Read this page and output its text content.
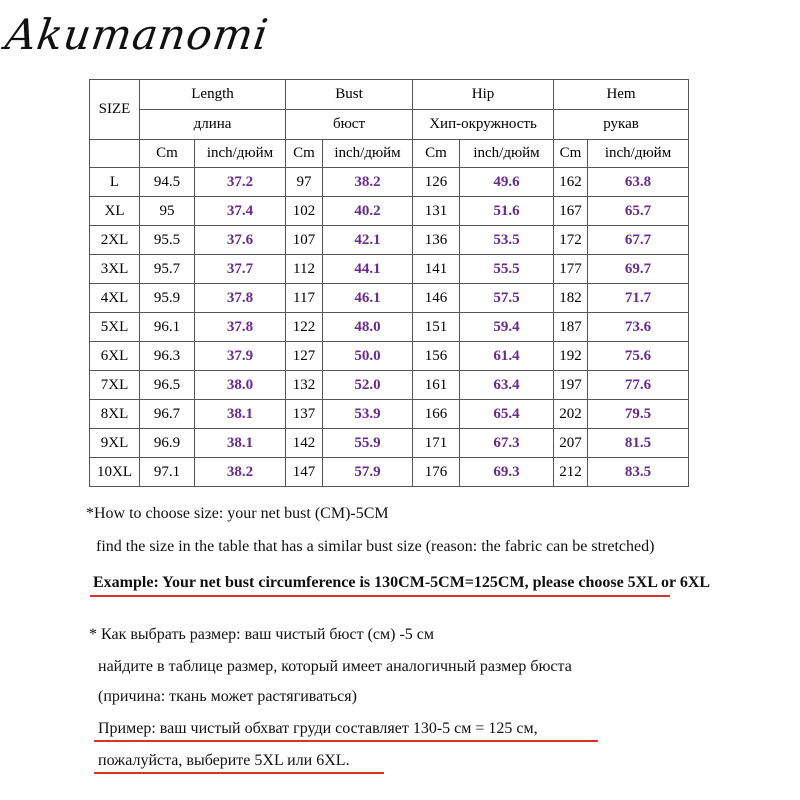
Akumanomi
SIZE	Length		Bust		Hip		Hem	
	длина		бюст		Хип-окружность		рукав	
	Cm	inch/дюйм	Cm	inch/дюйм	Cm	inch/дюйм	Cm	inch/дюйм
L	94.5	37.2	97	38.2	126	49.6	162	63.8
XL	95	37.4	102	40.2	131	51.6	167	65.7
2XL	95.5	37.6	107	42.1	136	53.5	172	67.7
3XL	95.7	37.7	112	44.1	141	55.5	177	69.7
4XL	95.9	37.8	117	46.1	146	57.5	182	71.7
5XL	96.1	37.8	122	48.0	151	59.4	187	73.6
6XL	96.3	37.9	127	50.0	156	61.4	192	75.6
7XL	96.5	38.0	132	52.0	161	63.4	197	77.6
8XL	96.7	38.1	137	53.9	166	65.4	202	79.5
9XL	96.9	38.1	142	55.9	171	67.3	207	81.5
10XL	97.1	38.2	147	57.9	176	69.3	212	83.5
*How to choose size: your net bust (CM)-5CM
find the size in the table that has a similar bust size (reason: the fabric can be stretched)
Example: Your net bust circumference is 130CM-5CM=125CM, please choose 5XL or 6XL
* Как выбрать размер: ваш чистый бюст (см) -5 см
найдите в таблице размер, который имеет аналогичный размер бюста
(причина: ткань может растягиваться)
Пример: ваш чистый обхват груди составляет 130-5 см = 125 см,
пожалуйста, выберите 5XL или 6XL.
